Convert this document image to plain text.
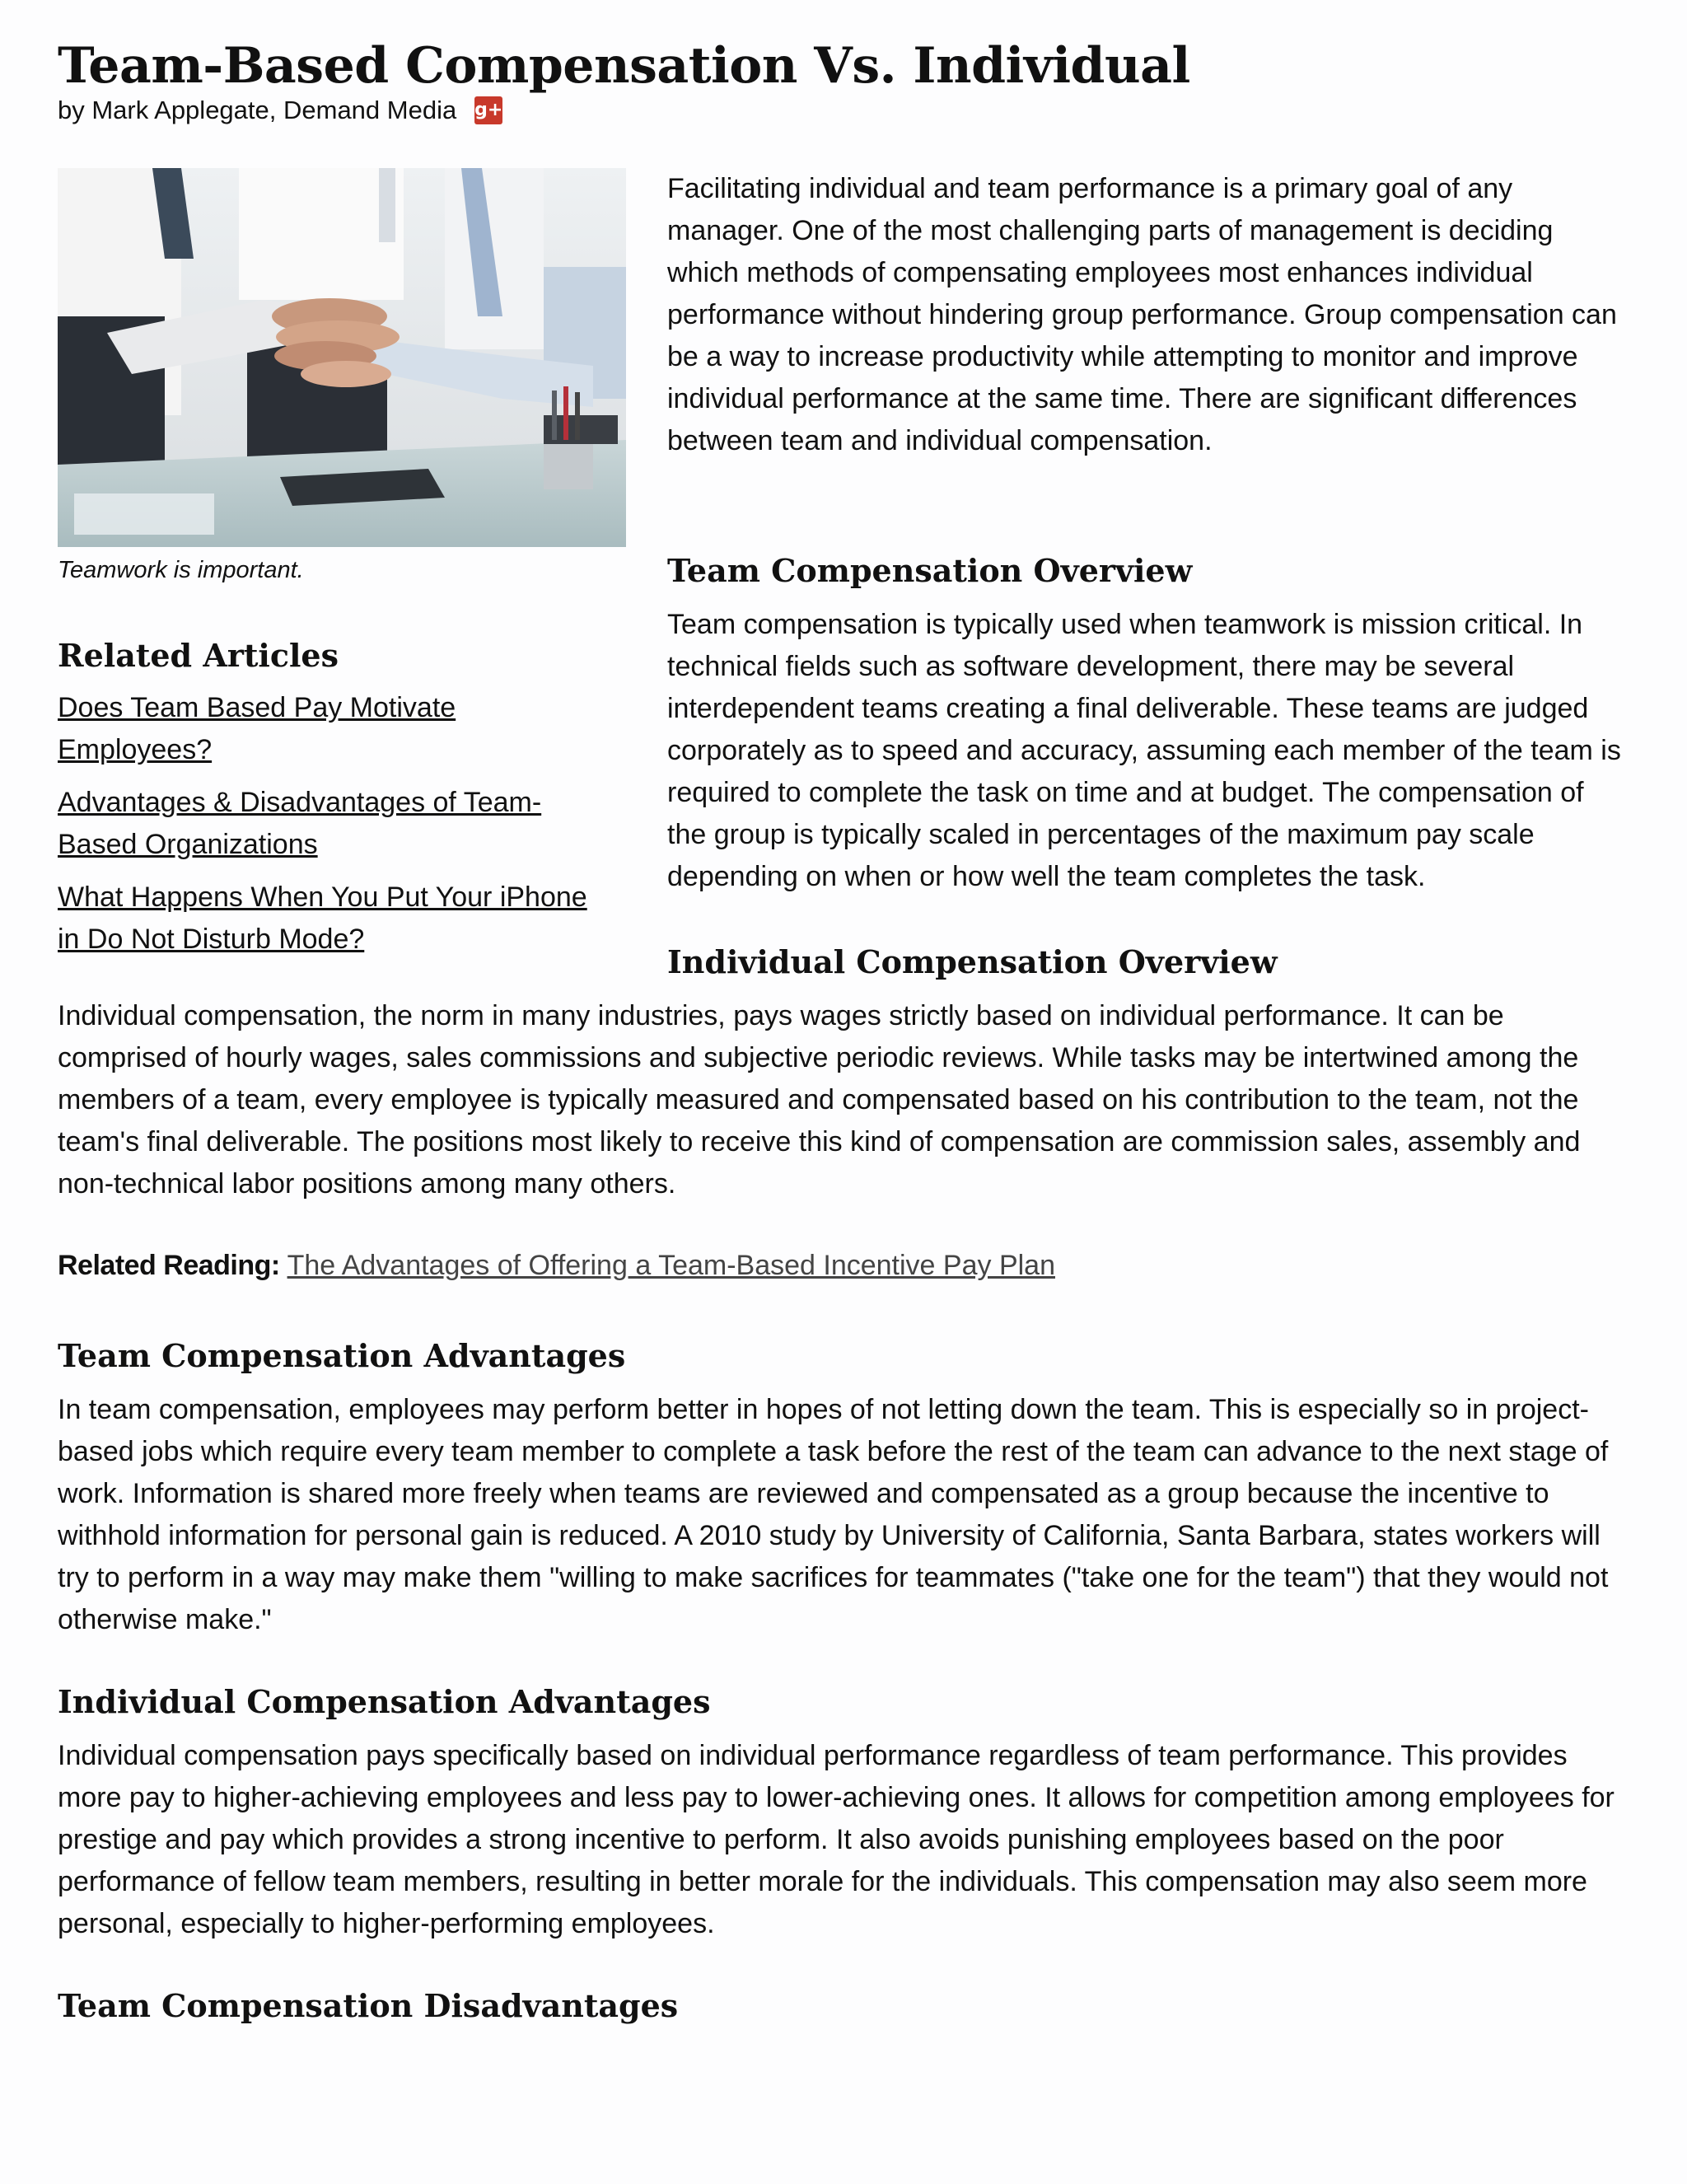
Team-Based Compensation Vs. Individual
by Mark Applegate, Demand Media g+
Teamwork is important.
Related Articles
Does Team Based Pay Motivate Employees?
Advantages & Disadvantages of Team-Based Organizations
What Happens When You Put Your iPhone in Do Not Disturb Mode?

Facilitating individual and team performance is a primary goal of any manager. One of the most challenging parts of management is deciding which methods of compensating employees most enhances individual performance without hindering group performance. Group compensation can be a way to increase productivity while attempting to monitor and improve individual performance at the same time. There are significant differences between team and individual compensation.

Team Compensation Overview

Team compensation is typically used when teamwork is mission critical. In technical fields such as software development, there may be several interdependent teams creating a final deliverable. These teams are judged corporately as to speed and accuracy, assuming each member of the team is required to complete the task on time and at budget. The compensation of the group is typically scaled in percentages of the maximum pay scale depending on when or how well the team completes the task.

Individual Compensation Overview

Individual compensation, the norm in many industries, pays wages strictly based on individual performance. It can be comprised of hourly wages, sales commissions and subjective periodic reviews. While tasks may be intertwined among the members of a team, every employee is typically measured and compensated based on his contribution to the team, not the team's final deliverable. The positions most likely to receive this kind of compensation are commission sales, assembly and non-technical labor positions among many others.

Related Reading: The Advantages of Offering a Team-Based Incentive Pay Plan
Team Compensation Advantages

In team compensation, employees may perform better in hopes of not letting down the team. This is especially so in project-based jobs which require every team member to complete a task before the rest of the team can advance to the next stage of work. Information is shared more freely when teams are reviewed and compensated as a group because the incentive to withhold information for personal gain is reduced. A 2010 study by University of California, Santa Barbara, states workers will try to perform in a way may make them "willing to make sacrifices for teammates ("take one for the team") that they would not otherwise make."

Individual Compensation Advantages

Individual compensation pays specifically based on individual performance regardless of team performance. This provides more pay to higher-achieving employees and less pay to lower-achieving ones. It allows for competition among employees for prestige and pay which provides a strong incentive to perform. It also avoids punishing employees based on the poor performance of fellow team members, resulting in better morale for the individuals. This compensation may also seem more personal, especially to higher-performing employees.

Team Compensation Disadvantages
